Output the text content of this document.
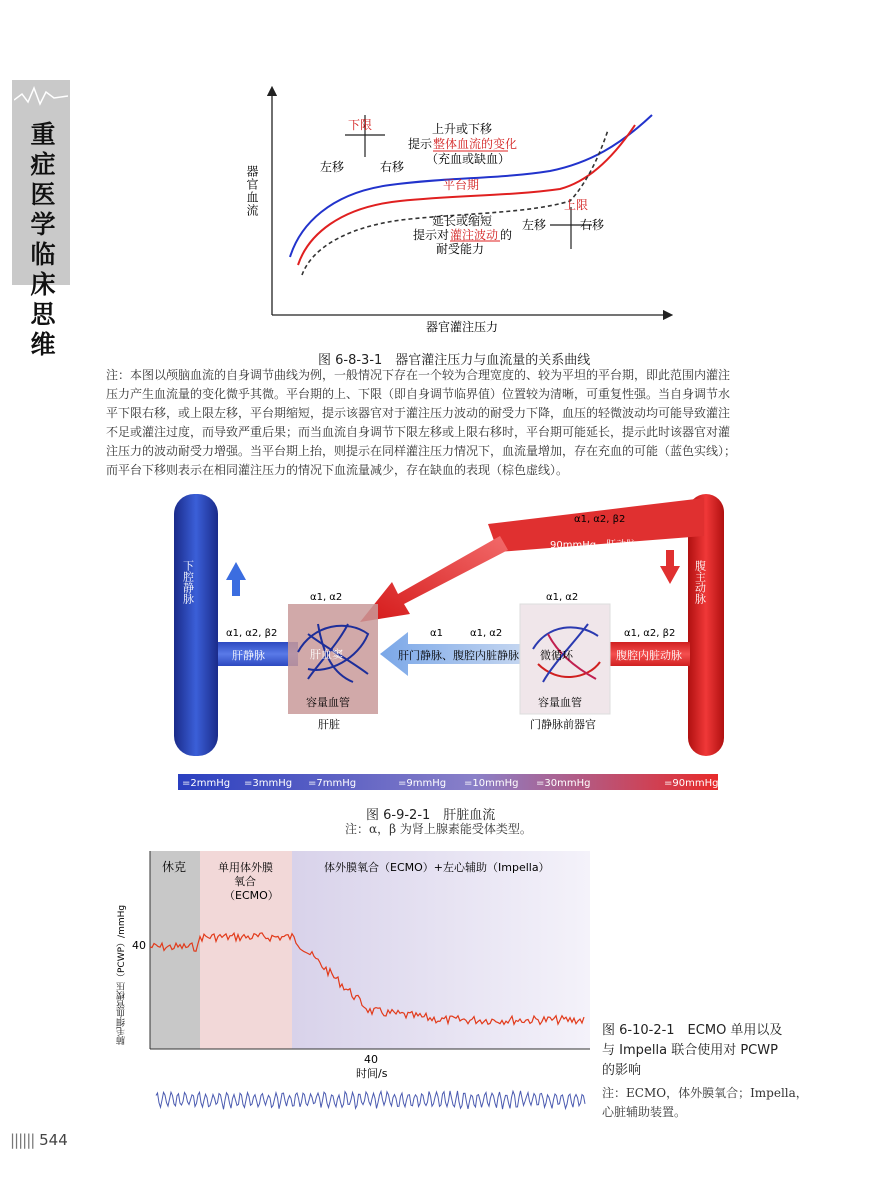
重症医学临床思维
器官血流
器官灌注压力
下限
左移	右移
上升或下移
提示 整体血流的变化
（充血或缺血）
平台期
上限
左移	右移
延长或缩短
提示对 灌注波动 的
耐受能力
图 6-8-3-1　器官灌注压力与血流量的关系曲线
注：本图以颅脑血流的自身调节曲线为例，一般情况下存在一个较为合理宽度的、较为平坦的平台期，即此范围内灌注
压力产生血流量的变化微乎其微。平台期的上、下限（即自身调节临界值）位置较为清晰，可重复性强。当自身调节水
平下限右移，或上限左移，平台期缩短，提示该器官对于灌注压力波动的耐受力下降，血压的轻微波动均可能导致灌注
不足或灌注过度，而导致严重后果；而当血流自身调节下限左移或上限右移时，平台期可能延长，提示此时该器官对灌
注压力的波动耐受力增强。当平台期上抬，则提示在同样灌注压力情况下，血流量增加，存在充血的可能（蓝色实线）；
而平台下移则表示在相同灌注压力的情况下血流量减少，存在缺血的表现（棕色虚线）。
=2mmHg =3mmHg =7mmHg	=9mmHg =10mmHg =30mmHg	=90mmHg
下腔静脉	腹主动脉
α1, α2, β2
90mmHg 肝动脉
α1, α2
α1, α2, β2
肝静脉	肝血窦
容量血管
肝脏
α1	α1, α2
肝门静脉、腹腔内脏静脉
α1, α2
微循环
容量血管
门静脉前器官
α1, α2, β2
腹腔内脏动脉
图 6-9-2-1　肝脏血流
注：α，β 为肾上腺素能受体类型。
休克	单用体外膜
氧合
（ECMO）
体外膜氧合（ECMO）+左心辅助（Impella）
肺毛细血管楔压（PCWP）/mmHg 40
40
时间/s
图 6-10-2-1　ECMO 单用以及
与 Impella 联合使用对 PCWP
的影响
注：ECMO，体外膜氧合；Impella，
心脏辅助装置。
|||||| 544
